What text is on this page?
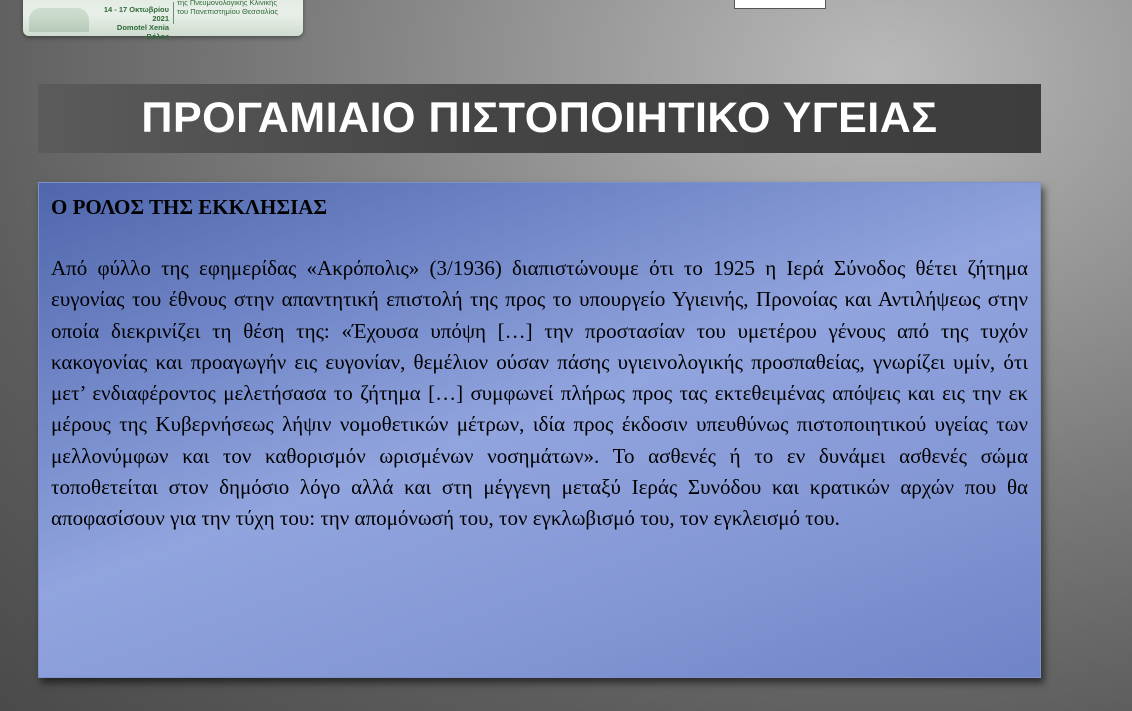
14 - 17 Οκτωβρίου 2021
Domotel Xenia
Βόλος
της Πνευμονολογικής Κλινικής
του Πανεπιστημίου Θεσσαλίας
ΠΡΟΓΑΜΙΑΙΟ ΠΙΣΤΟΠΟΙΗΤΙΚΟ ΥΓΕΙΑΣ
Ο ΡΟΛΟΣ ΤΗΣ ΕΚΚΛΗΣΙΑΣ

Από φύλλο της εφημερίδας «Ακρόπολις» (3/1936) διαπιστώνουμε ότι το 1925 η Ιερά Σύνοδος θέτει ζήτημα ευγονίας του έθνους στην απαντητική επιστολή της προς το υπουργείο Υγιεινής, Προνοίας και Αντιλήψεως στην οποία διεκρινίζει τη θέση της: «Έχουσα υπόψη […] την προστασίαν του υμετέρου γένους από της τυχόν κακογονίας και προαγωγήν εις ευγονίαν, θεμέλιον ούσαν πάσης υγιεινολογικής προσπαθείας, γνωρίζει υμίν, ότι μετ’ ενδιαφέροντος μελετήσασα το ζήτημα […] συμφωνεί πλήρως προς τας εκτεθειμένας απόψεις και εις την εκ μέρους της Κυβερνήσεως λήψιν νομοθετικών μέτρων, ιδία προς έκδοσιν υπευθύνως πιστοποιητικού υγείας των μελλονύμφων και τον καθορισμόν ωρισμένων νοσημάτων». Το ασθενές ή το εν δυνάμει ασθενές σώμα τοποθετείται στον δημόσιο λόγο αλλά και στη μέγγενη μεταξύ Ιεράς Συνόδου και κρατικών αρχών που θα αποφασίσουν για την τύχη του: την απομόνωσή του, τον εγκλωβισμό του, τον εγκλεισμό του.
